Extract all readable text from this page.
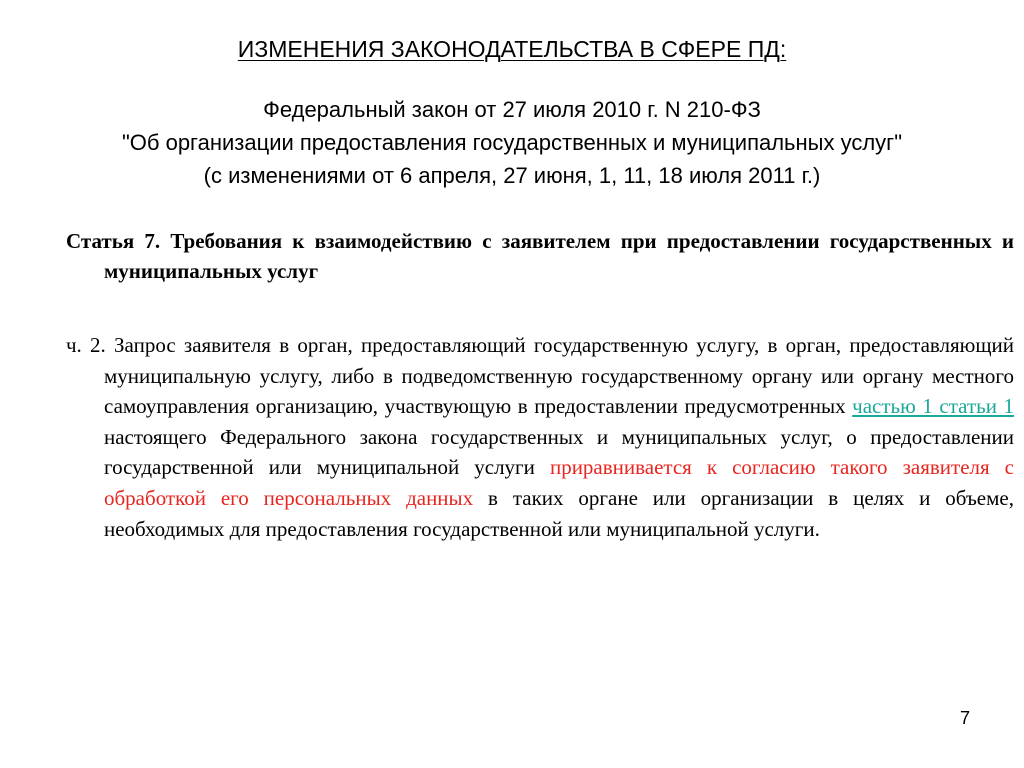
ИЗМЕНЕНИЯ ЗАКОНОДАТЕЛЬСТВА В СФЕРЕ ПД:
Федеральный закон от 27 июля 2010 г. N 210-ФЗ
"Об организации предоставления государственных и муниципальных услуг"
(с изменениями от 6 апреля, 27 июня, 1, 11, 18 июля 2011 г.)
Статья 7. Требования к взаимодействию с заявителем при предоставлении государственных и муниципальных услуг
ч. 2. Запрос заявителя в орган, предоставляющий государственную услугу, в орган, предоставляющий муниципальную услугу, либо в подведомственную государственному органу или органу местного самоуправления организацию, участвующую в предоставлении предусмотренных частью 1 статьи 1 настоящего Федерального закона государственных и муниципальных услуг, о предоставлении государственной или муниципальной услуги приравнивается к согласию такого заявителя с обработкой его персональных данных в таких органе или организации в целях и объеме, необходимых для предоставления государственной или муниципальной услуги.
7
